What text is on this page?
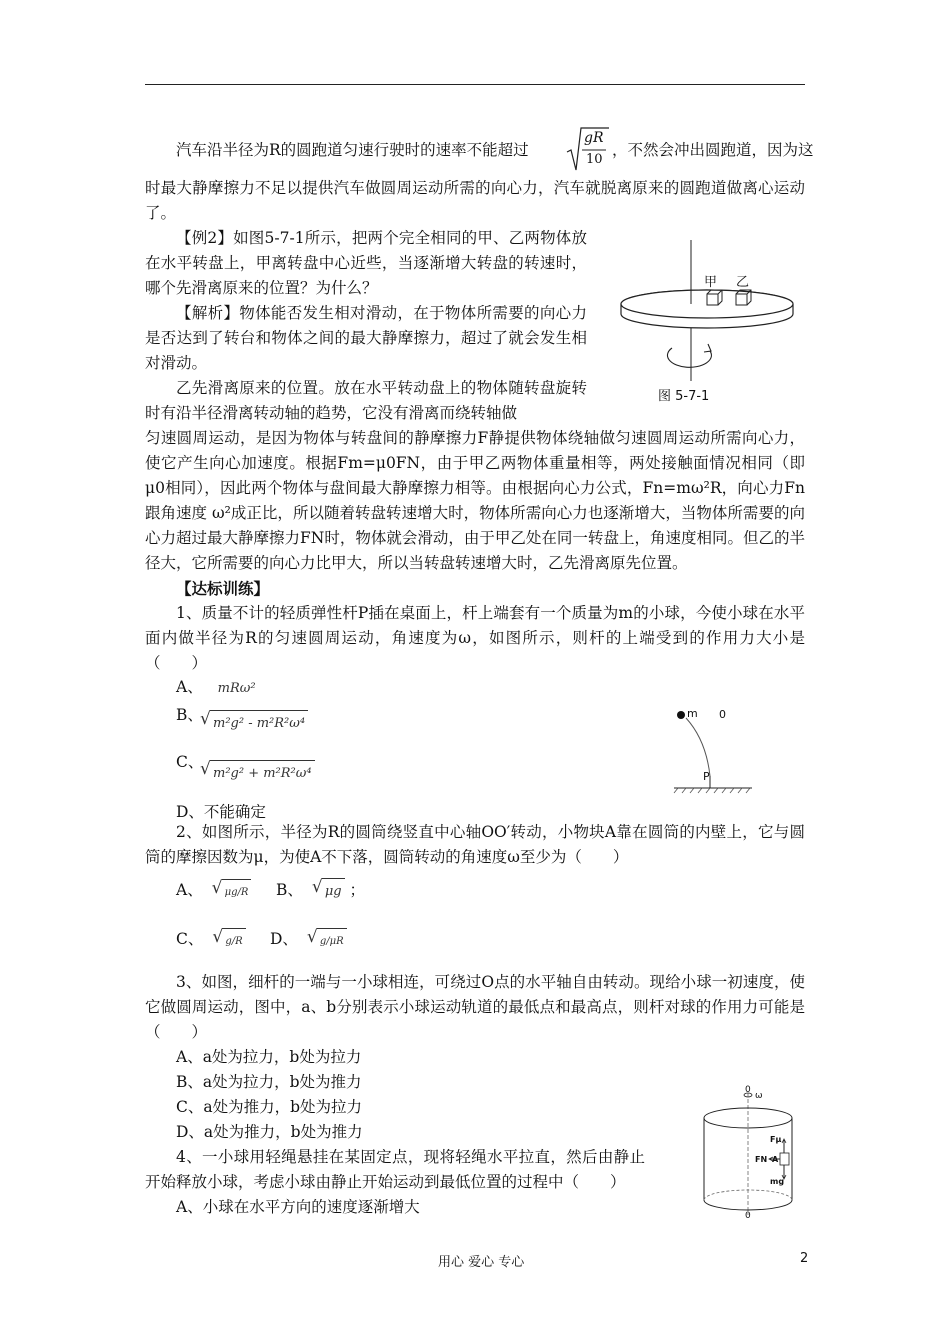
汽车沿半径为R的圆跑道匀速行驶时的速率不能超过
gR
10
，不然会冲出圆跑道，因为这

时最大静摩擦力不足以提供汽车做圆周运动所需的向心力，汽车就脱离原来的圆跑道做离心运动了。

【例2】如图5-7-1所示，把两个完全相同的甲、乙两物体放在水平转盘上，甲离转盘中心近些，当逐渐增大转盘的转速时，哪个先滑离原来的位置？为什么？

【解析】物体能否发生相对滑动，在于物体所需要的向心力是否达到了转台和物体之间的最大静摩擦力，超过了就会发生相对滑动。

乙先滑离原来的位置。放在水平转动盘上的物体随转盘旋转时有沿半径滑离转动轴的趋势，它没有滑离而绕转轴做

匀速圆周运动，是因为物体与转盘间的静摩擦力F静提供物体绕轴做匀速圆周运动所需向心力，使它产生向心加速度。根据Fm=μ0FN，由于甲乙两物体重量相等，两处接触面情况相同（即μ0相同），因此两个物体与盘间最大静摩擦力相等。由根据向心力公式，Fn=mω²R，向心力Fn跟角速度 ω²成正比，所以随着转盘转速增大时，物体所需向心力也逐渐增大，当物体所需要的向心力超过最大静摩擦力FN时，物体就会滑动，由于甲乙处在同一转盘上，角速度相同。但乙的半径大，它所需要的向心力比甲大，所以当转盘转速增大时，乙先滑离原先位置。

甲 乙
图 5-7-1
【达标训练】

1、质量不计的轻质弹性杆P插在桌面上，杆上端套有一个质量为m的小球，今使小球在水平面内做半径为R的匀速圆周运动，角速度为ω，如图所示，则杆的上端受到的作用力大小是（　　）

A、 mRω²
B、 √ m²g² - m²R²ω⁴
C、
√ m²g² + m²R²ω⁴
D、不能确定
m 0
P

2、如图所示，半径为R的圆筒绕竖直中心轴OO′转动，小物块A靠在圆筒的内壁上，它与圆筒的摩擦因数为μ，为使A不下落，圆筒转动的角速度ω至少为（　　）

A、 √ μg/R B、 √ μg ；
C、 √ g/R D、 √ g/μR

3、如图，细杆的一端与一小球相连，可绕过O点的水平轴自由转动。现给小球一初速度，使它做圆周运动，图中，a、b分别表示小球运动轨道的最低点和最高点，则杆对球的作用力可能是（　　）

A、a处为拉力，b处为拉力
B、a处为拉力，b处为推力
C、a处为推力，b处为拉力
D、a处为推力，b处为推力
0
ω
Fμ
FN A
mg
0

4、一小球用轻绳悬挂在某固定点，现将轻绳水平拉直，然后由静止开始释放小球，考虑小球由静止开始运动到最低位置的过程中（　　）

A、小球在水平方向的速度逐渐增大
用心 爱心 专心	2
